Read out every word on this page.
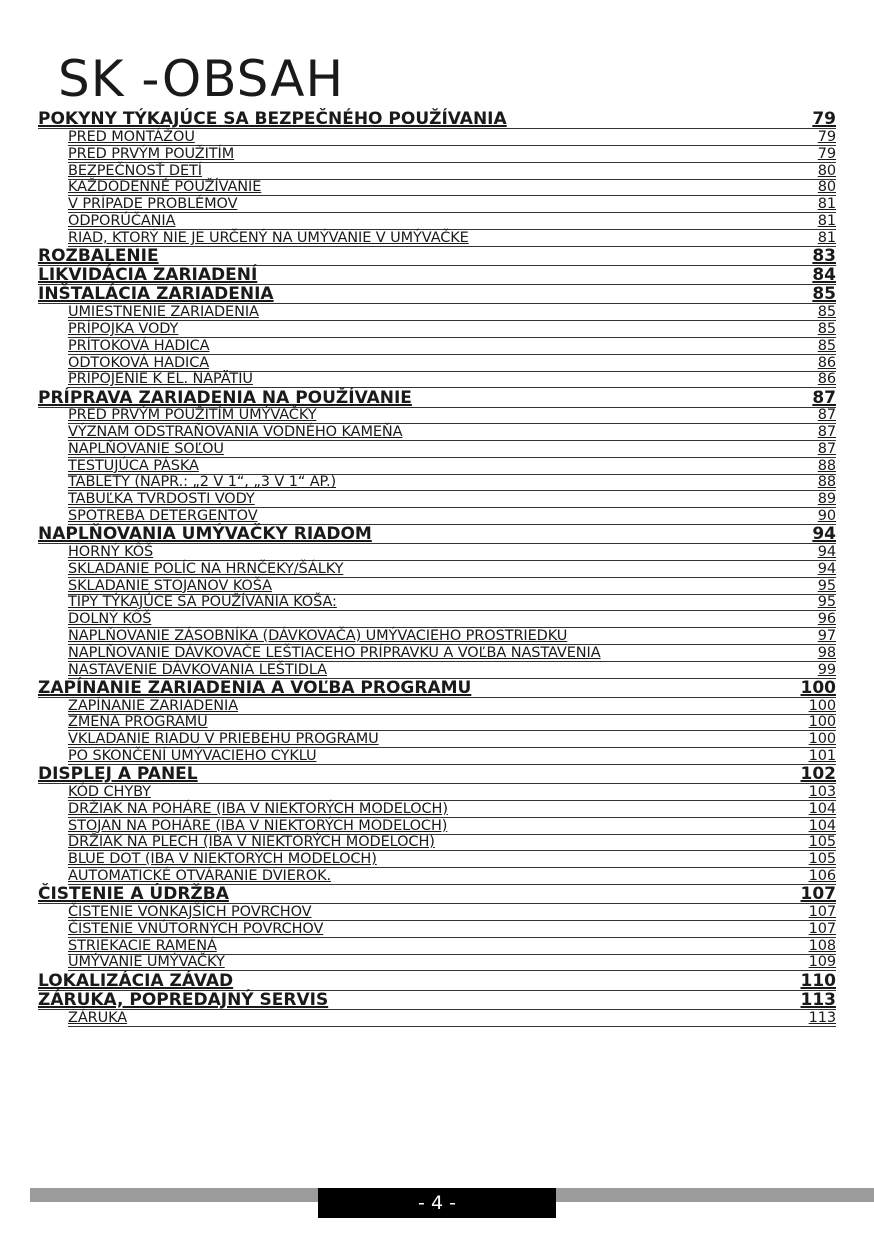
SK -OBSAH
POKYNY TÝKAJÚCE SA BEZPEČNÉHO POUŽÍVANIA	79
PRED MONTÁŽOU	79
PRED PRVÝM POUŽITÍM	79
BEZPEČNOSŤ DETÍ	80
KAŽDODENNÉ POUŽÍVANIE	80
V PRÍPADE PROBLÉMOV	81
ODPORÚČANIA	81
RIAD, KTORÝ NIE JE URČENÝ NA UMÝVANIE V UMÝVAČKE	81
ROZBALENIE	83
LIKVIDÁCIA ZARIADENÍ	84
INŠTALÁCIA ZARIADENIA	85
UMIESTNENIE ZARIADENIA	85
PRÍPOJKA VODY	85
PRÍTOKOVÁ HADICA	85
ODTOKOVÁ HADICA	86
PRIPOJENIE K EL. NAPÄTIU	86
PRÍPRAVA ZARIADENIA NA POUŽÍVANIE	87
PRED PRVÝM POUŽITÍM UMÝVAČKY	87
VÝZNAM ODSTRAŇOVANIA VODNÉHO KAMEŇA	87
NAPLŇOVANIE SOĽOU	87
TESTUJÚCA PÁSKA	88
TABLETY (NAPR.: „2 V 1“, „3 V 1“ AP.)	88
TABUĽKA TVRDOSTI VODY	89
SPOTREBA DETERGENTOV	90
NAPLŇOVANIA UMÝVAČKY RIADOM	94
HORNÝ KÔŠ	94
SKLADANIE POLÍC NA HRNČEKY/ŠÁLKY	94
SKLADANIE STOJANOV KOŠA	95
TIPY TÝKAJÚCE SA POUŽÍVANIA KOŠA:	95
DOLNÝ KÔŠ	96
NAPLŇOVANIE ZÁSOBNÍKA (DÁVKOVAČA) UMÝVACIEHO PROSTRIEDKU	97
NAPLŇOVANIE DÁVKOVAČE LEŠTIACEHO PRÍPRAVKU A VOĽBA NASTAVENIA	98
NASTAVENIE DÁVKOVANIA LEŠTIDLA	99
ZAPÍNANIE ZARIADENIA A VOĽBA PROGRAMU	100
ZAPÍNANIE ZARIADENIA	100
ZMENA PROGRAMU	100
VKLADANIE RIADU V PRIEBEHU PROGRAMU	100
PO SKONČENÍ UMÝVACIEHO CYKLU	101
DISPLEJ A PANEL	102
KÓD CHYBY	103
DRŽIAK NA POHÁRE (IBA V NIEKTORÝCH MODELOCH)	104
STOJAN NA POHÁRE (IBA V NIEKTORÝCH MODELOCH)	104
DRŽIAK NA PLECH (IBA V NIEKTORÝCH MODELOCH)	105
BLUE DOT (IBA V NIEKTORÝCH MODELOCH)	105
AUTOMATICKÉ OTVÁRANIE DVIEROK.	106
ČISTENIE A ÚDRŽBA	107
ČISTENIE VONKAJŠÍCH POVRCHOV	107
ČISTENIE VNÚTORNÝCH POVRCHOV	107
STRIEKACIE RAMENÁ	108
UMÝVANIE UMÝVAČKY	109
LOKALIZÁCIA ZÁVAD	110
ZÁRUKA, POPREDAJNÝ SERVIS	113
ZÁRUKA	113
- 4 -
